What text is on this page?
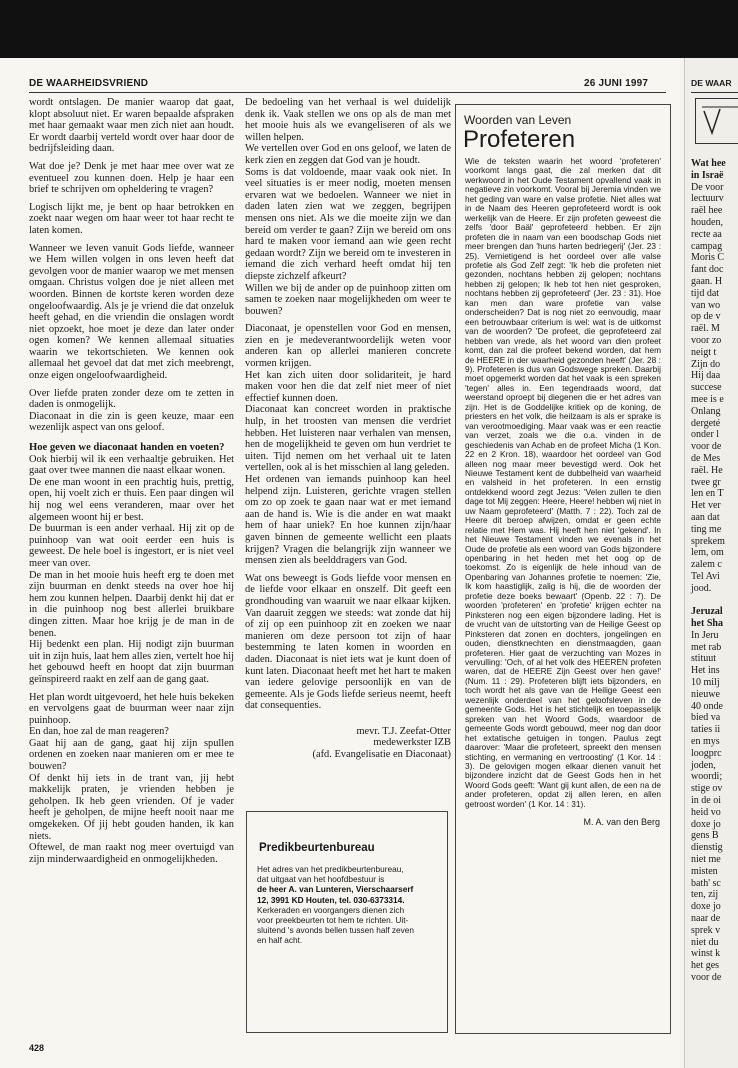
DE WAARHEIDSVRIEND	26 JUNI 1997

wordt ontslagen. De manier waarop dat gaat, klopt absoluut niet. Er waren bepaalde afspraken met haar gemaakt waar men zich niet aan houdt. Er wordt daarbij verteld wordt over haar door de bedrijfsleiding daan.

Wat doe je? Denk je met haar mee over wat ze eventueel zou kunnen doen. Help je haar een brief te schrijven om opheldering te vragen?

Logisch lijkt me, je bent op haar betrokken en zoekt naar wegen om haar weer tot haar recht te laten komen.

Wanneer we leven vanuit Gods liefde, wanneer we Hem willen volgen in ons leven heeft dat gevolgen voor de manier waarop we met mensen omgaan. Christus volgen doe je niet alleen met woorden. Binnen de kortste keren worden deze ongeloofwaardig. Als je je vriend die dat onzeluk heeft gehad, en die vriendin die onslagen wordt niet opzoekt, hoe moet je deze dan later onder ogen komen? We kennen allemaal situaties waarin we tekortschieten. We kennen ook allemaal het gevoel dat dat met zich meebrengt, onze eigen ongeloofwaardigheid.

Over liefde praten zonder deze om te zetten in daden is onmogelijk.

Diaconaat in die zin is geen keuze, maar een wezenlijk aspect van ons geloof.

Hoe geven we diaconaat handen en voeten?

Ook hierbij wil ik een verhaaltje gebruiken. Het gaat over twee mannen die naast elkaar wonen.

De ene man woont in een prachtig huis, prettig, open, hij voelt zich er thuis. Een paar dingen wil hij nog wel eens veranderen, maar over het algemeen woont hij er best.

De buurman is een ander verhaal. Hij zit op de puinhoop van wat ooit eerder een huis is geweest. De hele boel is ingestort, er is niet veel meer van over.

De man in het mooie huis heeft erg te doen met zijn buurman en denkt steeds na over hoe hij hem zou kunnen helpen. Daarbij denkt hij dat er in die puinhoop nog best allerlei bruikbare dingen zitten. Maar hoe krijg je de man in de benen.

Hij bedenkt een plan. Hij nodigt zijn buurman uit in zijn huis, laat hem alles zien, vertelt hoe hij het gebouwd heeft en hoopt dat zijn buurman geïnspireerd raakt en zelf aan de gang gaat.

Het plan wordt uitgevoerd, het hele huis bekeken en vervolgens gaat de buurman weer naar zijn puinhoop.

En dan, hoe zal de man reageren?

Gaat hij aan de gang, gaat hij zijn spullen ordenen en zoeken naar manieren om er mee te bouwen?

Of denkt hij iets in de trant van, jij hebt makkelijk praten, je vrienden hebben je geholpen. Ik heb geen vrienden. Of je vader heeft je geholpen, de mijne heeft nooit naar me omgekeken. Of jij hebt gouden handen, ik kan niets.

Oftewel, de man raakt nog meer overtuigd van zijn minderwaardigheid en onmogelijkheden.

De bedoeling van het verhaal is wel duidelijk denk ik. Vaak stellen we ons op als de man met het mooie huis als we evangeliseren of als we willen helpen.

We vertellen over God en ons geloof, we laten de kerk zien en zeggen dat God van je houdt.

Soms is dat voldoende, maar vaak ook niet. In veel situaties is er meer nodig, moeten mensen ervaren wat we bedoelen. Wanneer we niet in daden laten zien wat we zeggen, begrijpen mensen ons niet. Als we die moeite zijn we dan bereid om verder te gaan? Zijn we bereid om ons hard te maken voor iemand aan wie geen recht gedaan wordt? Zijn we bereid om te investeren in iemand die zich verhard heeft omdat hij ten diepste zichzelf afkeurt?

Willen we bij de ander op de puinhoop zitten om samen te zoeken naar mogelijkheden om weer te bouwen?

Diaconaat, je openstellen voor God en mensen, zien en je medeverantwoordelijk weten voor anderen kan op allerlei manieren concrete vormen krijgen.

Het kan zich uiten door solidariteit, je hard maken voor hen die dat zelf niet meer of niet effectief kunnen doen.

Diaconaat kan concreet worden in praktische hulp, in het troosten van mensen die verdriet hebben. Het luisteren naar verhalen van mensen, hen de mogelijkheid te geven om hun verdriet te uiten. Tijd nemen om het verhaal uit te laten vertellen, ook al is het misschien al lang geleden.

Het ordenen van iemands puinhoop kan heel helpend zijn. Luisteren, gerichte vragen stellen om zo op zoek te gaan naar wat er met iemand aan de hand is. Wie is die ander en wat maakt hem of haar uniek? En hoe kunnen zijn/haar gaven binnen de gemeente wellicht een plaats krijgen? Vragen die belangrijk zijn wanneer we mensen zien als beelddragers van God.

Wat ons beweegt is Gods liefde voor mensen en de liefde voor elkaar en onszelf. Dit geeft een grondhouding van waaruit we naar elkaar kijken. Van daaruit zeggen we steeds: wat zonde dat hij of zij op een puinhoop zit en zoeken we naar manieren om deze persoon tot zijn of haar bestemming te laten komen in woorden en daden. Diaconaat is niet iets wat je kunt doen of kunt laten. Diaconaat heeft met het hart te maken van iedere gelovige persoonlijk en van de gemeente. Als je Gods liefde serieus neemt, heeft dat consequenties.

mevr. T.J. Zeefat-Otter
medewerkster IZB
(afd. Evangelisatie en Diaconaat)
Predikbeurtenbureau
Het adres van het predikbeurtenbureau,
dat uitgaat van het hoofdbestuur is
de heer A. van Lunteren, Vierschaarserf
12, 3991 KD Houten, tel. 030-6373314.
Kerkeraden en voorgangers dienen zich
voor preekbeurten tot hem te richten. Uit-
sluitend 's avonds bellen tussen half zeven
en half acht.
Woorden van Leven
Profeteren
Wie de teksten waarin het woord 'profeteren' voorkomt langs gaat, die zal merken dat dit werkwoord in het Oude Testament opvallend vaak in negatieve zin voorkomt. Vooral bij Jeremia vinden we het geding van ware en valse profetie. Niet alles wat in de Naam des Heeren geprofeteerd wordt is ook werkelijk van de Heere. Er zijn profeten geweest die zelfs 'door Baäl' geprofeteerd hebben. Er zijn profeten die in naam van een boodschap Gods niet meer brengen dan 'huns harten bedriegerij' (Jer. 23 : 25). Vernietigend is het oordeel over alle valse profetie als God Zelf zegt: 'Ik heb die profeten niet gezonden, nochtans hebben zij gelopen; nochtans hebben zij gelopen; Ik heb tot hen niet gesproken, nochtans hebben zij geprofeteerd' (Jer. 23 : 31). Hoe kan men dan ware profetie van valse onderscheiden? Dat is nog niet zo eenvoudig, maar een betrouwbaar criterium is wel: wat is de uitkomst van de woorden? 'De profeet, die geprofeteerd zal hebben van vrede, als het woord van dien profeet komt, dan zal die profeet bekend worden, dat hem de HEERE in der waarheid gezonden heeft' (Jer. 28 : 9). Profeteren is dus van Godswege spreken. Daarbij moet opgemerkt worden dat het vaak is een spreken 'tegen' alles in. Een tegendraads woord, dat weerstand oproept bij diegenen die er het adres van zijn. Het is de Goddelijke kritiek op de koning, de priesters en het volk, die heilzaam is als er sprake is van verootmoediging. Maar vaak was er een reactie van verzet, zoals we die o.a. vinden in de geschiedenis van Achab en de profeet Micha (1 Kon. 22 en 2 Kron. 18), waardoor het oordeel van God alleen nog maar meer bevestigd werd. Ook het Nieuwe Testament kent de dubbelheid van waarheid en valsheid in het profeteren. In een ernstig ontdekkend woord zegt Jezus: 'Velen zullen te dien dage tot Mij zeggen: Heere, Heere! hebben wij niet in uw Naam geprofeteerd' (Matth. 7 : 22). Toch zal de Heere dit beroep afwijzen, omdat er geen echte relatie met Hem was. Hij heeft hen niet 'gekend'. In het Nieuwe Testament vinden we evenals in het Oude de profetie als een woord van Gods bijzondere openbaring in het heden met het oog op de toekomst. Zo is eigenlijk de hele inhoud van de Openbaring van Johannes profetie te noemen: 'Zie, Ik kom haastiglijk, zalig is hij, die de woorden der profetie deze boeks bewaart' (Openb. 22 : 7). De woorden 'profeteren' en 'profetie' krijgen echter na Pinksteren nog een eigen bijzondere lading. Het is de vrucht van de uitstorting van de Heilige Geest op Pinksteren dat zonen en dochters, jongelingen en ouden, dienstknechten en dienstmaagden, gaan profeteren. Hier gaat de verzuchting van Mozes in vervulling: 'Och, of al het volk des HEEREN profeten waren, dat de HEERE Zijn Geest over hen gave!' (Num. 11 : 29). Profeteren blijft iets bijzonders, en toch wordt het als gave van de Heilige Geest een wezenlijk onderdeel van het geloofsleven in de gemeente Gods. Het is het stichtelijk en toepasselijk spreken van het Woord Gods, waardoor de gemeente Gods wordt gebouwd, meer nog dan door het extatische getuigen in tongen. Paulus zegt daarover: 'Maar die profeteert, spreekt den mensen stichting, en vermaning en vertroosting' (1 Kor. 14 : 3). De gelovigen mogen elkaar dienen vanuit het bijzondere inzicht dat de Geest Gods hen in het Woord Gods geeft: 'Want gij kunt allen, de een na de ander profeteren, opdat zij allen leren, en allen getroost worden' (1 Kor. 14 : 31).
M. A. van den Berg
428
DE WAAR
Wat hee
in Israë
De voor
lectuurv
raël hee
houden,
recte aa
campag
Moris C
fant doc
gaan. H
tijd dat
van wo
op de v
raël. M
voor zo
neigt t
Zijn do
Hij daa
succese
mee is e
Onlang
dergeté
onder l
voor de
de Mes
raël. He
twee gr
len en T
Het ver
aan dat
ting me
sprekem
lem, om
zalem c
Tel Avi
jood.
Jeruzal
het Sha
In Jeru
met rab
stituut
Het ins
10 milj
nieuwe
40 onde
bied va
taties ii
en mys
loogprc
joden,
woordi;
stige ov
in de oi
heid vo
doxe jo
gens B
dienstig
niet me
misten
bath' sc
ten, zij
doxe jo
naar de
sprek v
niet du
winst k
het ges
voor de
